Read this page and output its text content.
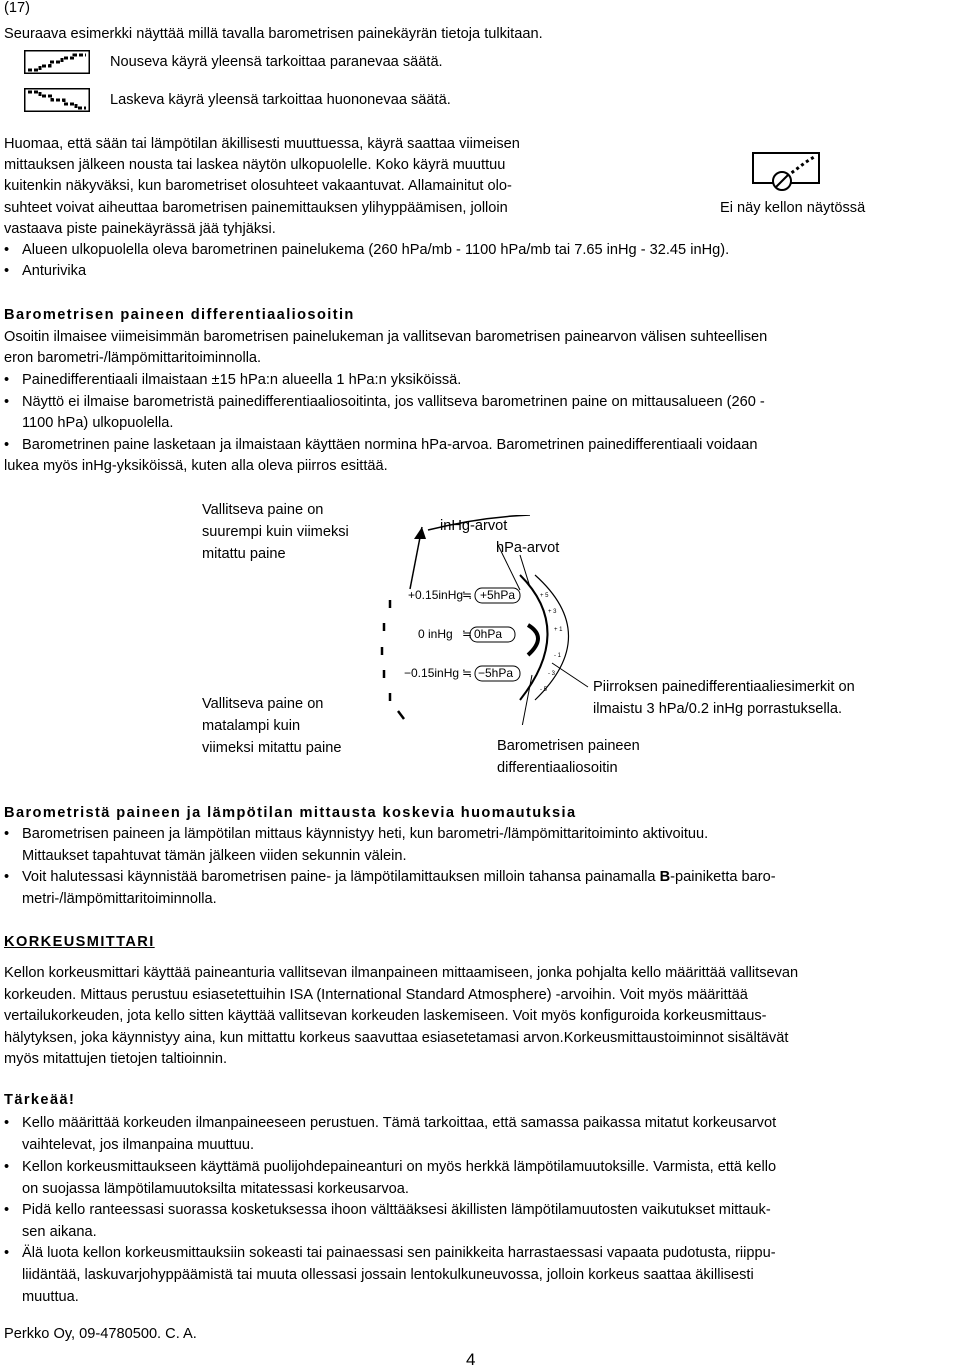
(17)
Seuraava esimerkki näyttää millä tavalla barometrisen painekäyrän tietoja tulkitaan.
Nouseva käyrä yleensä tarkoittaa paranevaa säätä.
Laskeva käyrä yleensä tarkoittaa huononevaa säätä.
Huomaa, että sään tai lämpötilan äkillisesti muuttuessa, käyrä saattaa viimeisen
mittauksen jälkeen nousta tai laskea näytön ulkopuolelle. Koko käyrä muuttuu
kuitenkin näkyväksi, kun barometriset olosuhteet vakaantuvat. Allamainitut olo-
suhteet voivat aiheuttaa barometrisen painemittauksen ylihyppäämisen, jolloin
vastaava piste painekäyrässä jää tyhjäksi.
Ei näy kellon näytössä
• Alueen ulkopuolella oleva barometrinen painelukema (260 hPa/mb - 1100 hPa/mb tai 7.65 inHg - 32.45 inHg).
• Anturivika
Barometrisen paineen differentiaaliosoitin
Osoitin ilmaisee viimeisimmän barometrisen painelukeman ja vallitsevan barometrisen painearvon välisen suhteellisen
eron barometri-/lämpömittaritoiminnolla.
• Painedifferentiaali ilmaistaan ±15 hPa:n alueella 1 hPa:n yksiköissä.
• Näyttö ei ilmaise barometristä painedifferentiaaliosoitinta, jos vallitseva barometrinen paine on mittausalueen (260 -
1100 hPa) ulkopuolella.
• Barometrinen paine lasketaan ja ilmaistaan käyttäen normina hPa-arvoa. Barometrinen painedifferentiaali voidaan
lukea myös inHg-yksiköissä, kuten alla oleva piirros esittää.
Vallitseva paine on
suurempi kuin viimeksi
mitattu paine
Vallitseva paine on
matalampi kuin
viimeksi mitattu paine
inHg-arvot
hPa-arvot
+ 5
+ 3
+ 1
- 1
- 3
- 5
+0.15inHg
≒ +5hPa
0 inHg ≒ 0hPa
−0.15inHg ≒ −5hPa
Piirroksen painedifferentiaaliesimerkit on
ilmaistu 3 hPa/0.2 inHg porrastuksella.
Barometrisen paineen
differentiaaliosoitin
Barometristä paineen ja lämpötilan mittausta koskevia huomautuksia
• Barometrisen paineen ja lämpötilan mittaus käynnistyy heti, kun barometri-/lämpömittaritoiminto aktivoituu.
Mittaukset tapahtuvat tämän jälkeen viiden sekunnin välein.
• Voit halutessasi käynnistää barometrisen paine- ja lämpötilamittauksen milloin tahansa painamalla B-painiketta baro-
metri-/lämpömittaritoiminnolla.
KORKEUSMITTARI
Kellon korkeusmittari käyttää paineanturia vallitsevan ilmanpaineen mittaamiseen, jonka pohjalta kello määrittää vallitsevan
korkeuden. Mittaus perustuu esiasetettuihin ISA (International Standard Atmosphere) -arvoihin. Voit myös määrittää
vertailukorkeuden, jota kello sitten käyttää vallitsevan korkeuden laskemiseen. Voit myös konfiguroida korkeusmittaus-
hälytyksen, joka käynnistyy aina, kun mittattu korkeus saavuttaa esiasetetamasi arvon.Korkeusmittaustoiminnot sisältävät
myös mitattujen tietojen taltioinnin.
Tärkeää!
• Kello määrittää korkeuden ilmanpaineeseen perustuen. Tämä tarkoittaa, että samassa paikassa mitatut korkeusarvot
vaihtelevat, jos ilmanpaina muuttuu.
• Kellon korkeusmittaukseen käyttämä puolijohdepaineanturi on myös herkkä lämpötilamuutoksille. Varmista, että kello
on suojassa lämpötilamuutoksilta mitatessasi korkeusarvoa.
• Pidä kello ranteessasi suorassa kosketuksessa ihoon välttääksesi äkillisten lämpötilamuutosten vaikutukset mittauk-
sen aikana.
• Älä luota kellon korkeusmittauksiin sokeasti tai painaessasi sen painikkeita harrastaessasi vapaata pudotusta, riippu-
liidäntää, laskuvarjohyppäämistä tai muuta ollessasi jossain lentokulkuneuvossa, jolloin korkeus saattaa äkillisesti
muuttua.
Perkko Oy, 09-4780500. C. A.
4
